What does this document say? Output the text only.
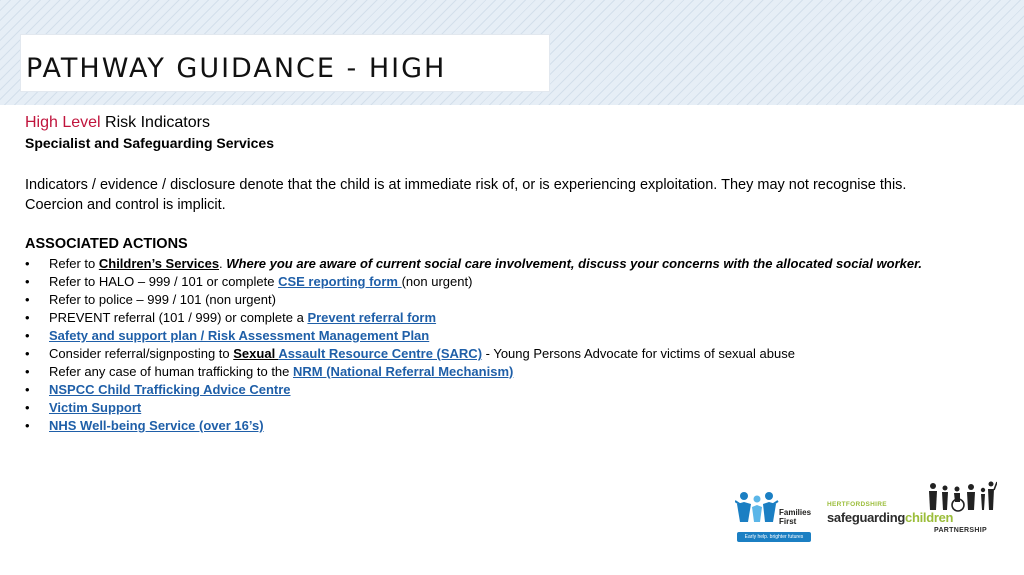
PATHWAY GUIDANCE - HIGH
High Level Risk Indicators
Specialist and Safeguarding Services
Indicators / evidence / disclosure denote that the child is at immediate risk of, or is experiencing exploitation. They may not recognise this. Coercion and control is implicit.
ASSOCIATED ACTIONS
• Refer to Children’s Services. Where you are aware of current social care involvement, discuss your concerns with the allocated social worker.
• Refer to HALO – 999 / 101 or complete CSE reporting form (non urgent)
• Refer to police – 999 / 101 (non urgent)
• PREVENT referral (101 / 999) or complete a Prevent referral form
• Safety and support plan / Risk Assessment Management Plan
• Consider referral/signposting to Sexual Assault Resource Centre (SARC) - Young Persons Advocate for victims of sexual abuse
• Refer any case of human trafficking to the NRM (National Referral Mechanism)
• NSPCC Child Trafficking Advice Centre
• Victim Support
• NHS Well-being Service (over 16’s)
Families
First
Early help. brighter futures
HERTFORDSHIRE
safeguardingchildren
PARTNERSHIP
